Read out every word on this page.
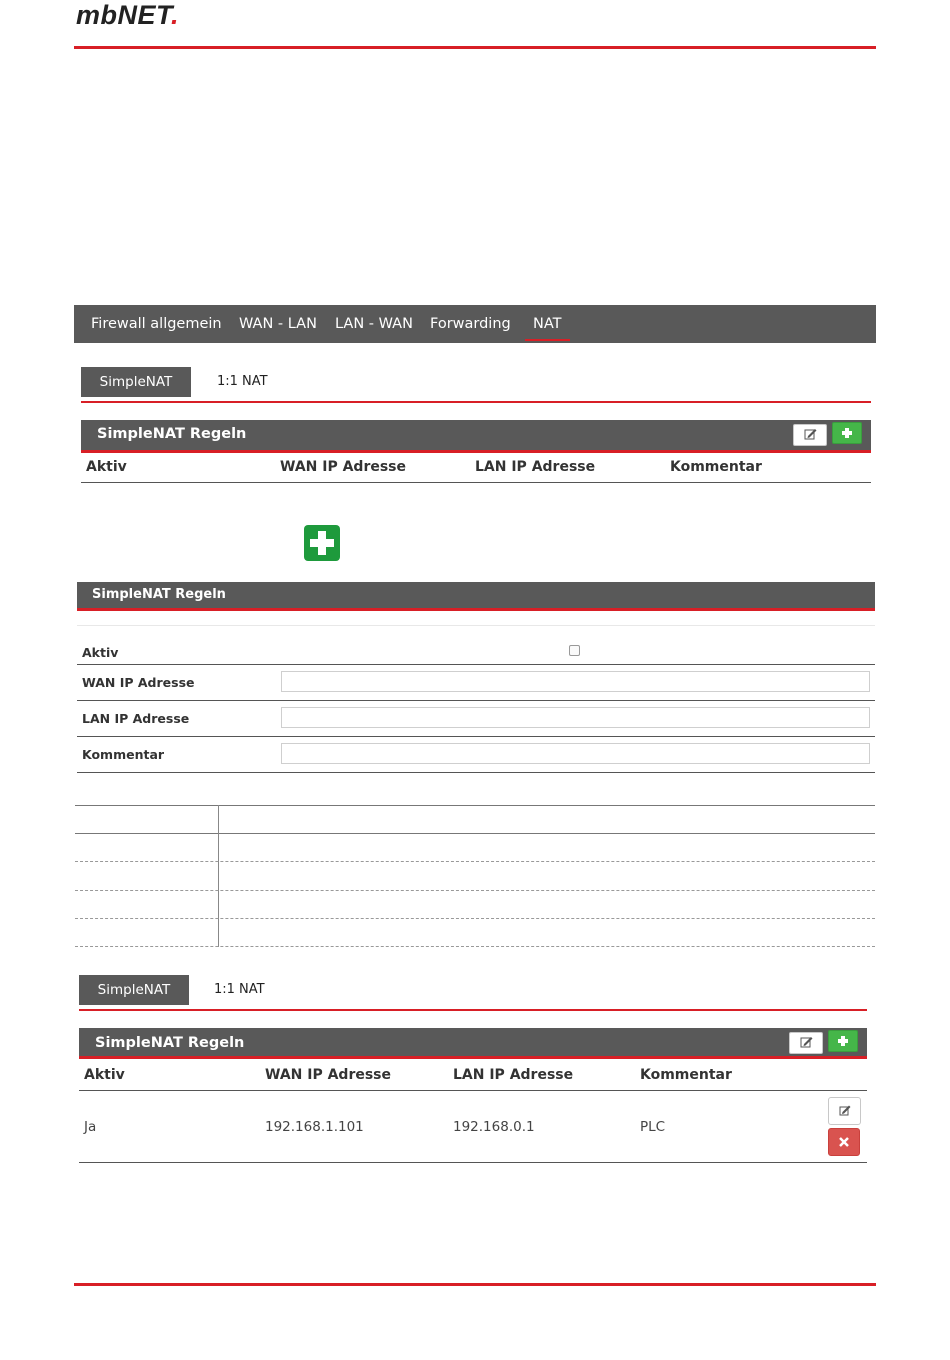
mbNET.
Firewall allgemein WAN - LAN LAN - WAN Forwarding NAT
SimpleNAT	1:1 NAT
SimpleNAT Regeln
Aktiv	WAN IP Adresse	LAN IP Adresse	Kommentar
SimpleNAT Regeln
Aktiv
WAN IP Adresse
LAN IP Adresse
Kommentar
SimpleNAT	1:1 NAT
SimpleNAT Regeln
Aktiv	WAN IP Adresse	LAN IP Adresse	Kommentar
Ja	192.168.1.101	192.168.0.1	PLC
